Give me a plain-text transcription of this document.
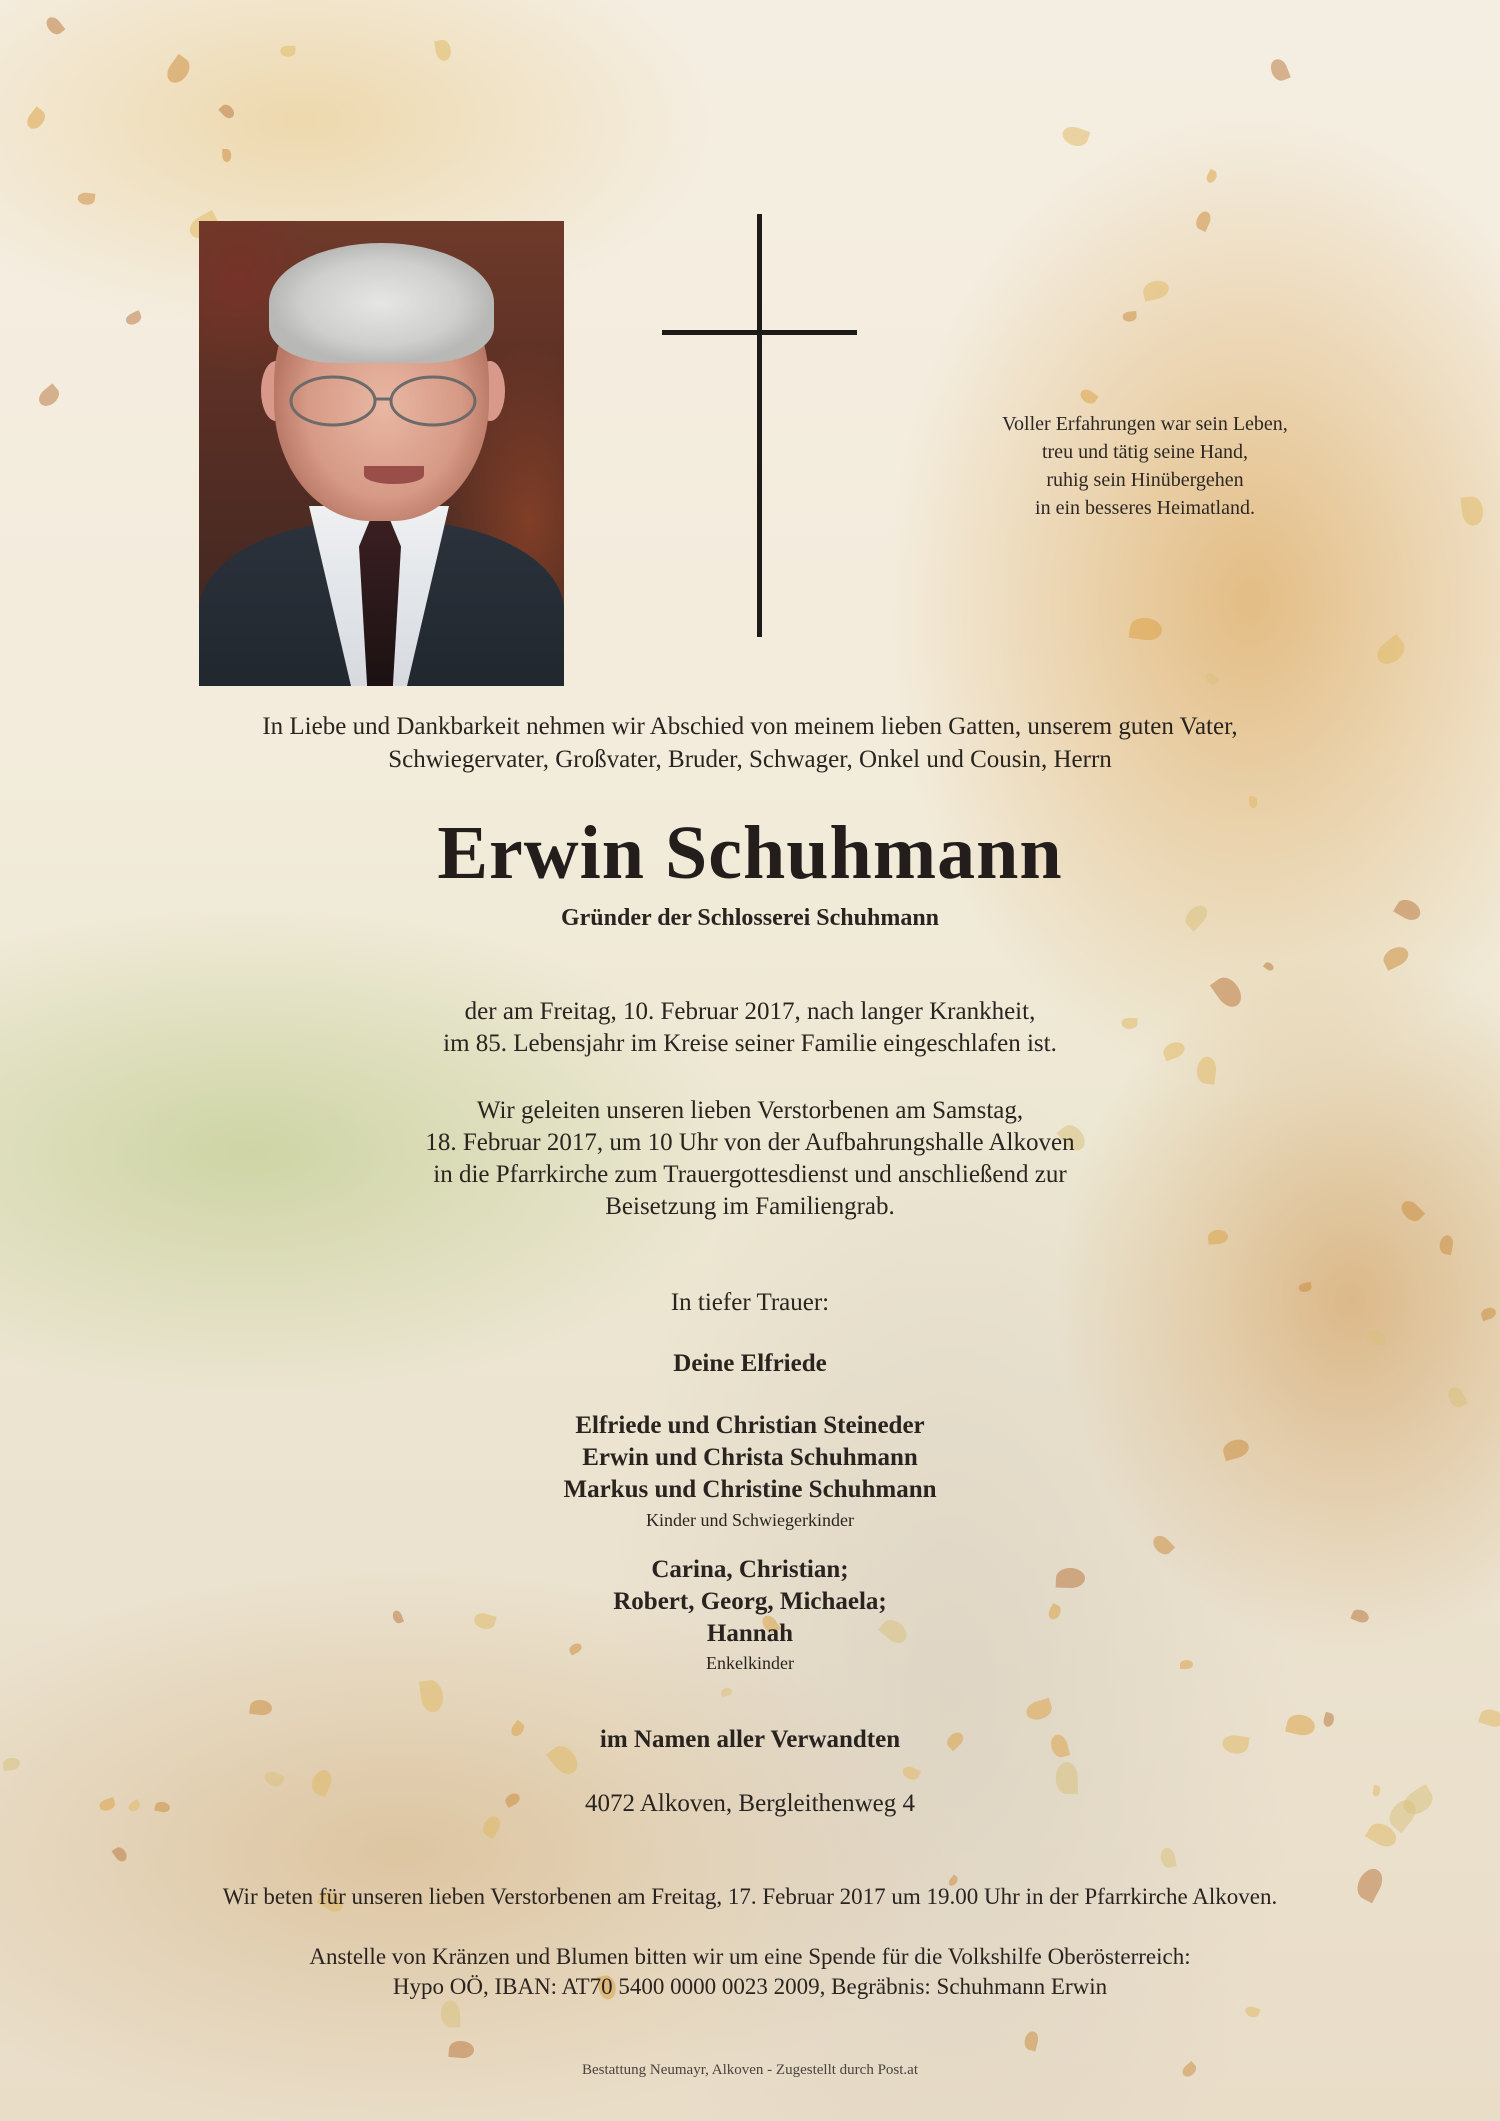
Voller Erfahrungen war sein Leben,
treu und tätig seine Hand,
ruhig sein Hinübergehen
in ein besseres Heimatland.
In Liebe und Dankbarkeit nehmen wir Abschied von meinem lieben Gatten, unserem guten Vater,
Schwiegervater, Großvater, Bruder, Schwager, Onkel und Cousin, Herrn
Erwin Schuhmann
Gründer der Schlosserei Schuhmann
der am Freitag, 10. Februar 2017, nach langer Krankheit,
im 85. Lebensjahr im Kreise seiner Familie eingeschlafen ist.
Wir geleiten unseren lieben Verstorbenen am Samstag,
18. Februar 2017, um 10 Uhr von der Aufbahrungshalle Alkoven
in die Pfarrkirche zum Trauergottesdienst und anschließend zur
Beisetzung im Familiengrab.
In tiefer Trauer:
Deine Elfriede
Elfriede und Christian Steineder
Erwin und Christa Schuhmann
Markus und Christine Schuhmann
Kinder und Schwiegerkinder
Carina, Christian;
Robert, Georg, Michaela;
Hannah
Enkelkinder
im Namen aller Verwandten
4072 Alkoven, Bergleithenweg 4
Wir beten für unseren lieben Verstorbenen am Freitag, 17. Februar 2017 um 19.00 Uhr in der Pfarrkirche Alkoven.
Anstelle von Kränzen und Blumen bitten wir um eine Spende für die Volkshilfe Oberösterreich:
Hypo OÖ, IBAN: AT70 5400 0000 0023 2009, Begräbnis: Schuhmann Erwin
Bestattung Neumayr, Alkoven - Zugestellt durch Post.at
